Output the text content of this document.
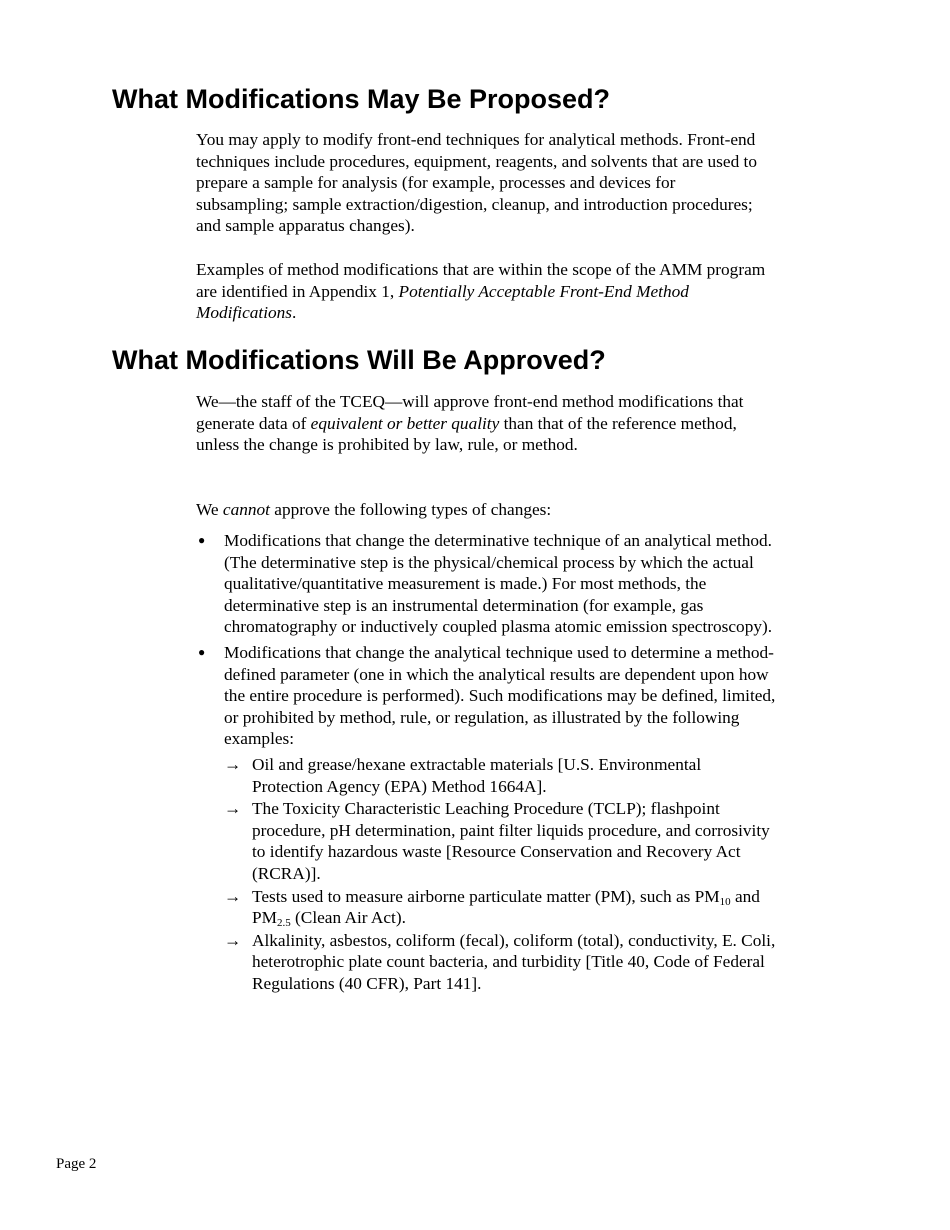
What Modifications May Be Proposed?

You may apply to modify front-end techniques for analytical methods. Front-end techniques include procedures, equipment, reagents, and solvents that are used to prepare a sample for analysis (for example, processes and devices for subsampling; sample extraction/digestion, cleanup, and introduction procedures; and sample apparatus changes).

Examples of method modifications that are within the scope of the AMM program are identified in Appendix 1, Potentially Acceptable Front-End Method Modifications.

What Modifications Will Be Approved?

We—the staff of the TCEQ—will approve front-end method modifications that generate data of equivalent or better quality than that of the reference method, unless the change is prohibited by law, rule, or method.

We cannot approve the following types of changes:

● Modifications that change the determinative technique of an analytical method. (The determinative step is the physical/chemical process by which the actual qualitative/quantitative measurement is made.) For most methods, the determinative step is an instrumental determination (for example, gas chromatography or inductively coupled plasma atomic emission spectroscopy).
● Modifications that change the analytical technique used to determine a method-defined parameter (one in which the analytical results are dependent upon how the entire procedure is performed). Such modifications may be defined, limited, or prohibited by method, rule, or regulation, as illustrated by the following examples:
→ Oil and grease/hexane extractable materials [U.S. Environmental Protection Agency (EPA) Method 1664A].
→ The Toxicity Characteristic Leaching Procedure (TCLP); flashpoint procedure, pH determination, paint filter liquids procedure, and corrosivity to identify hazardous waste [Resource Conservation and Recovery Act (RCRA)].
→ Tests used to measure airborne particulate matter (PM), such as $PM_{10}$ and $PM_{2.5}$ (Clean Air Act).
→ Alkalinity, asbestos, coliform (fecal), coliform (total), conductivity, E. Coli, heterotrophic plate count bacteria, and turbidity [Title 40, Code of Federal Regulations (40 CFR), Part 141].
Page 2
